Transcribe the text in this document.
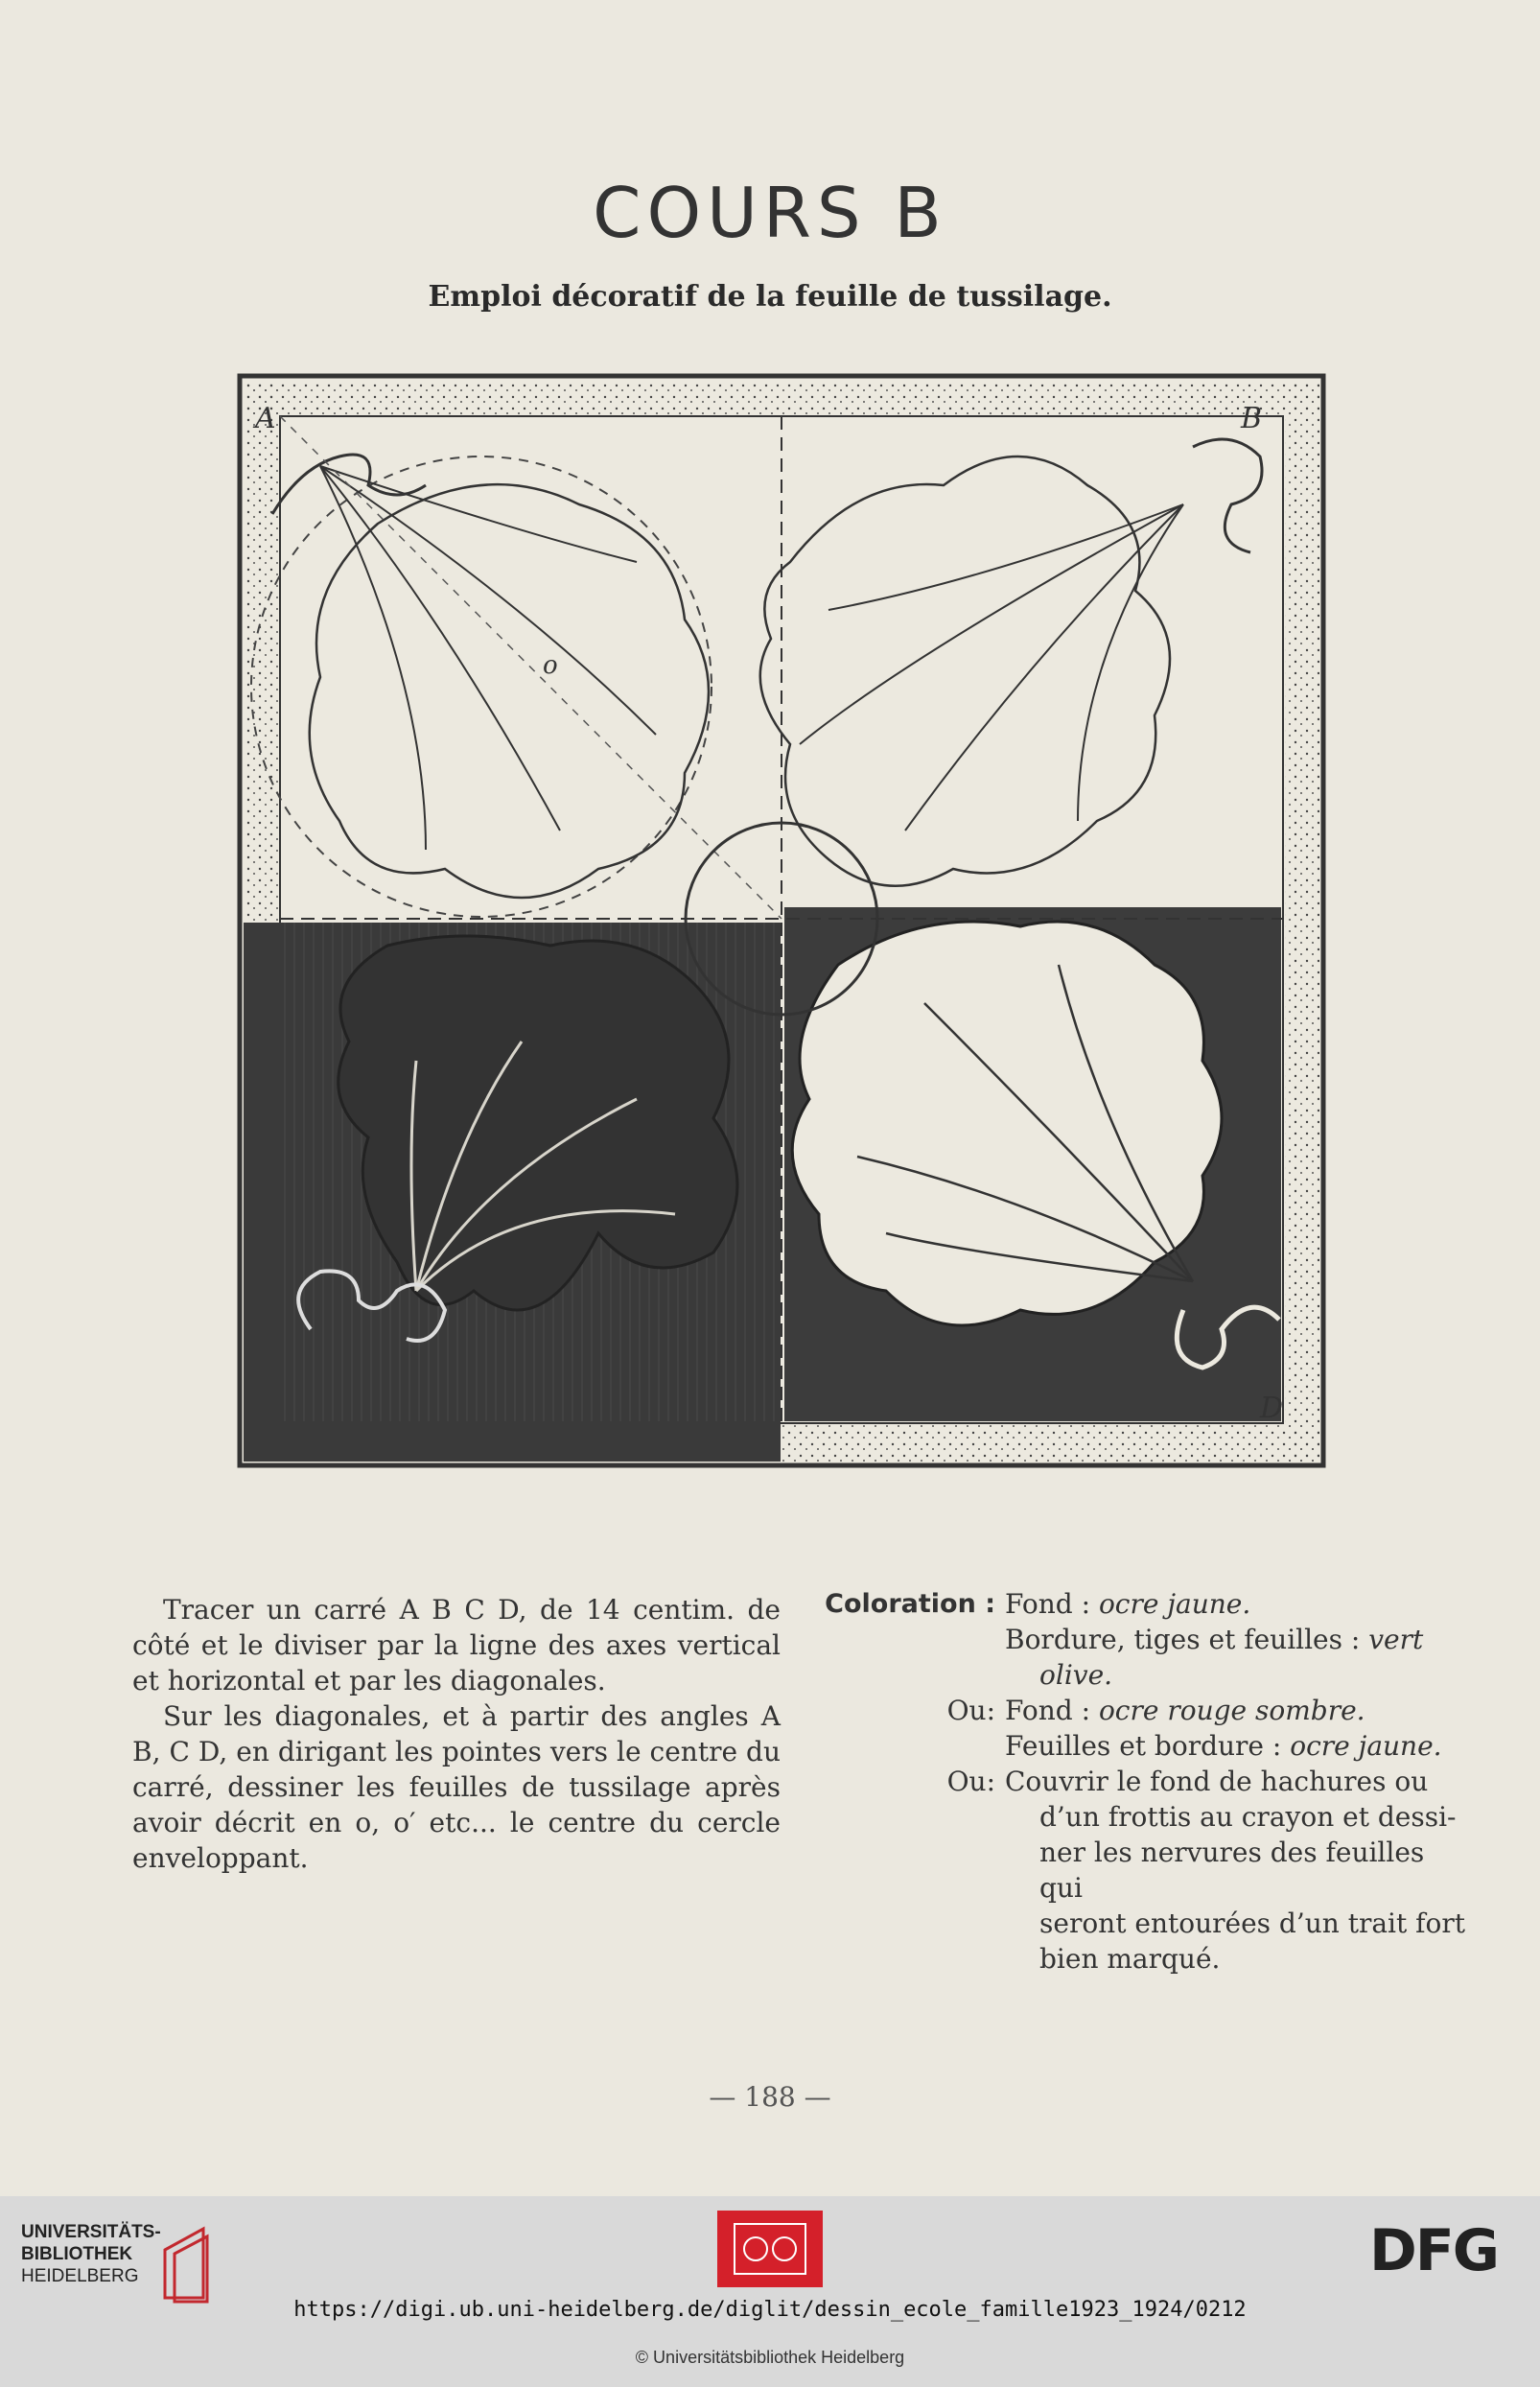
COURS B
Emploi décoratif de la feuille de tussilage.
A	B
D
o

Tracer un carré A B C D, de 14 centim. de côté et le diviser par la ligne des axes vertical et horizontal et par les diagonales.

Sur les diagonales, et à partir des angles A B, C D, en dirigant les pointes vers le centre du carré, dessiner les feuilles de tussilage après avoir décrit en o, o′ etc... le centre du cercle enveloppant.

Coloration : Fond : ocre jaune.
Bordure, tiges et feuilles : vert
olive.
Ou: Fond : ocre rouge sombre.
Feuilles et bordure : ocre jaune.
Ou: Couvrir le fond de hachures ou
d’un frottis au crayon et dessi-
ner les nervures des feuilles qui
seront entourées d’un trait fort
bien marqué.
— 188 —
UNIVERSITÄTS-
BIBLIOTHEK
HEIDELBERG	DFG
https://digi.ub.uni-heidelberg.de/diglit/dessin_ecole_famille1923_1924/0212
© Universitätsbibliothek Heidelberg
